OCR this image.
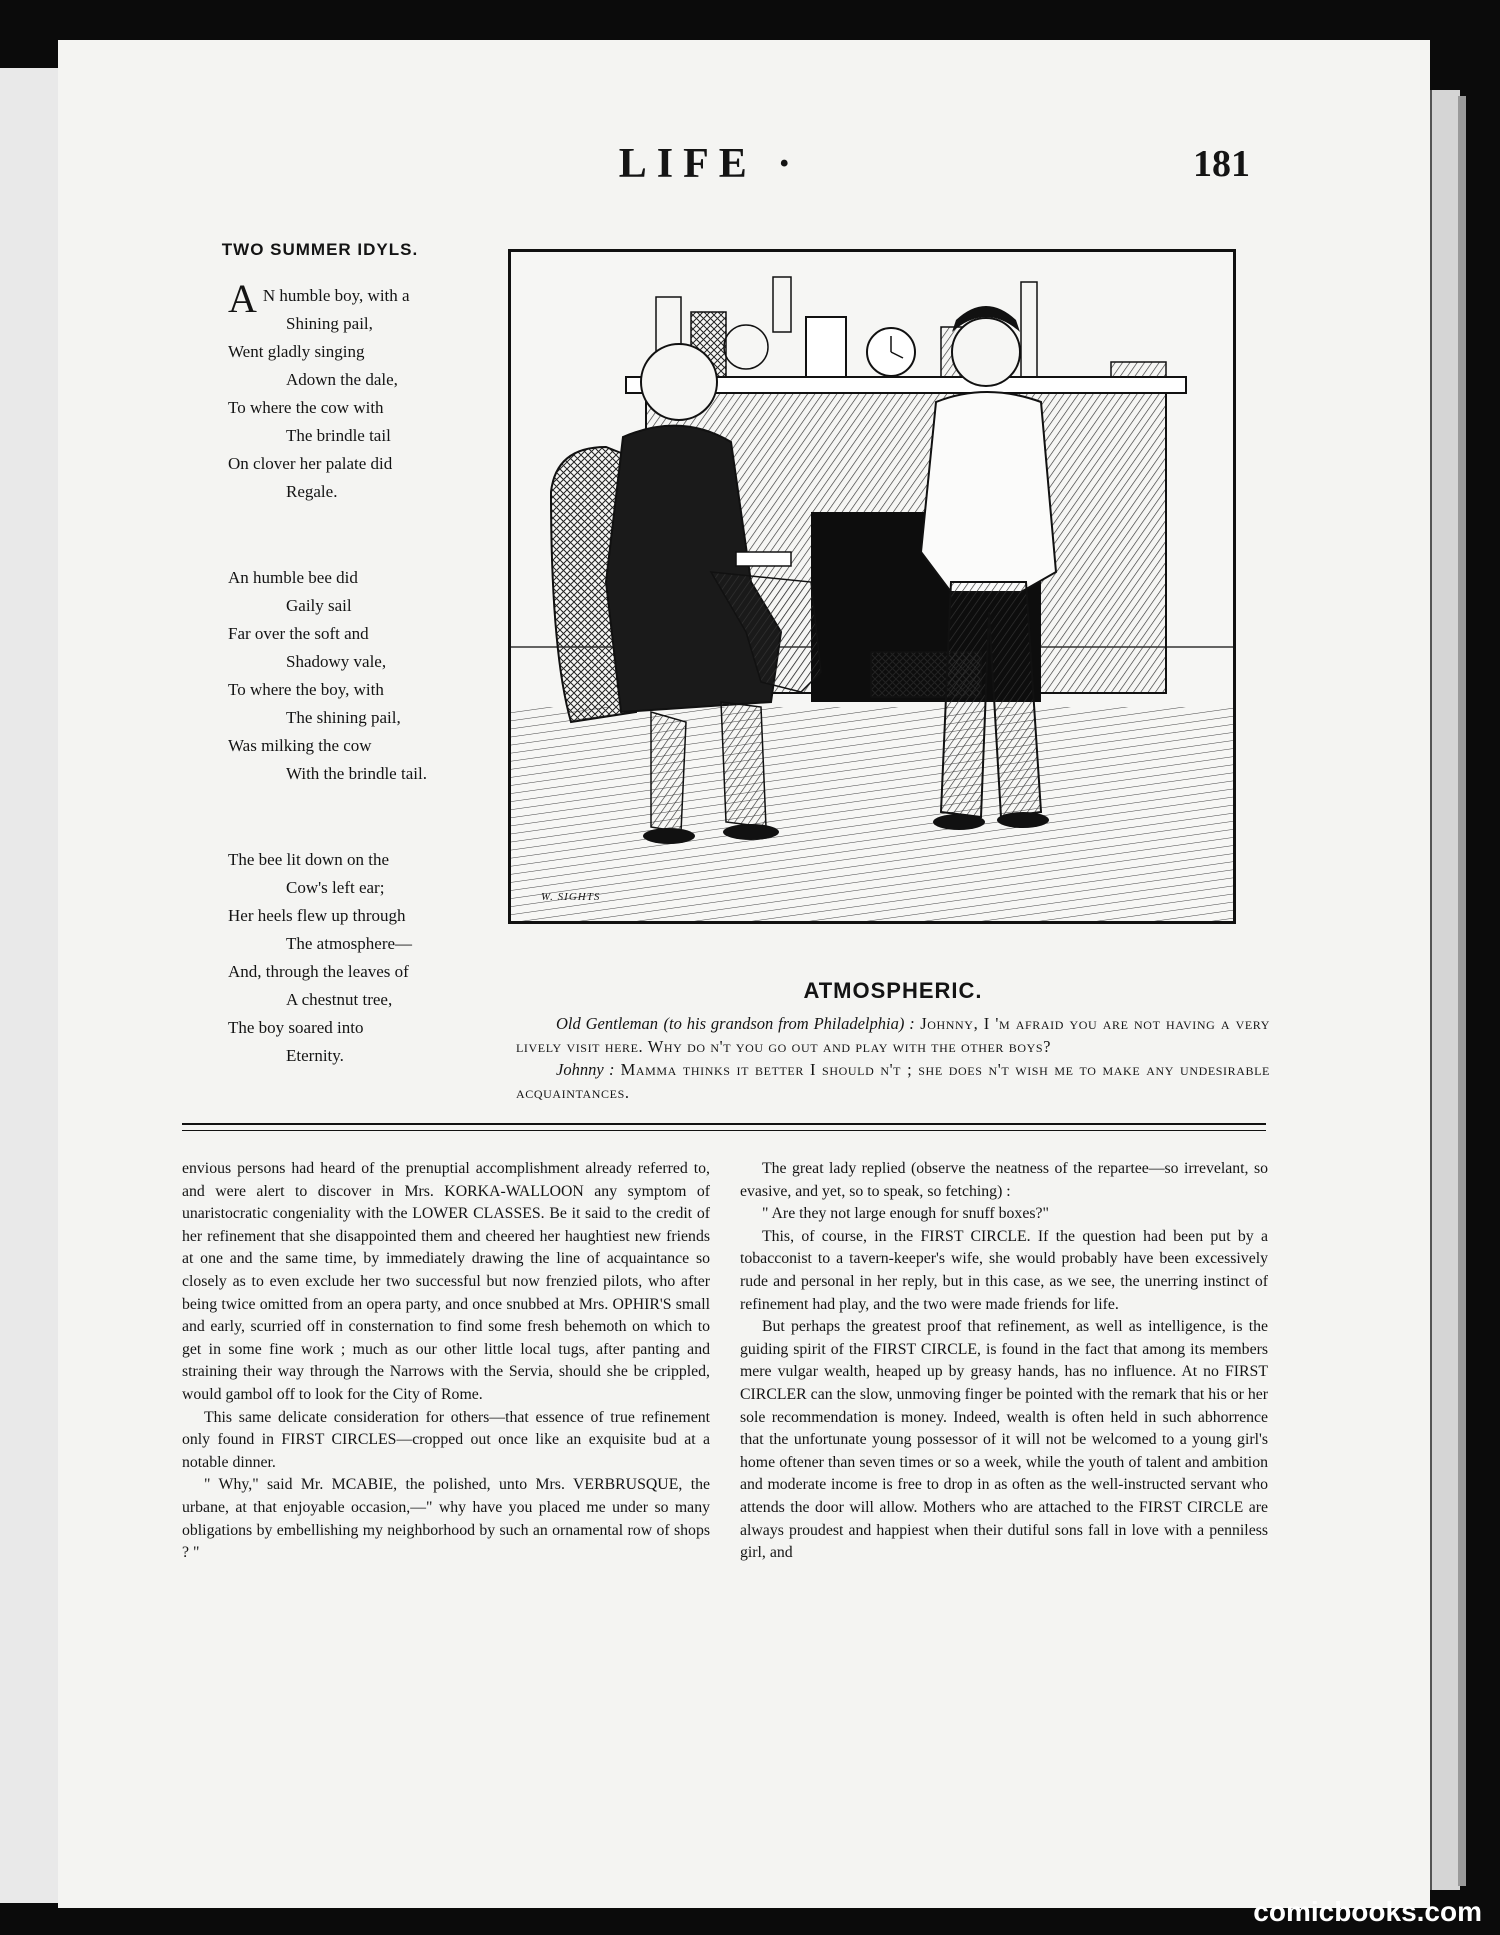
LIFE ·	181
TWO SUMMER IDYLS.
A N humble boy, with a
Shining pail,
Went gladly singing
Adown the dale,
To where the cow with
The brindle tail
On clover her palate did
Regale.
An humble bee did
Gaily sail
Far over the soft and
Shadowy vale,
To where the boy, with
The shining pail,
Was milking the cow
With the brindle tail.
The bee lit down on the
Cow's left ear;
Her heels flew up through
The atmosphere—
And, through the leaves of
A chestnut tree,
The boy soared into
Eternity.
W. SIGHTS
ATMOSPHERIC.

Old Gentleman (to his grandson from Philadelphia) : Johnny, I 'm afraid you are not having a very lively visit here. Why do n't you go out and play with the other boys?

Johnny : Mamma thinks it better I should n't ; she does n't wish me to make any undesirable acquaintances.

envious persons had heard of the prenuptial accomplishment already referred to, and were alert to discover in Mrs. KORKA-WALLOON any symptom of unaristocratic congeniality with the LOWER CLASSES. Be it said to the credit of her refinement that she disappointed them and cheered her haughtiest new friends at one and the same time, by immediately drawing the line of acquaintance so closely as to even exclude her two successful but now frenzied pilots, who after being twice omitted from an opera party, and once snubbed at Mrs. OPHIR'S small and early, scurried off in consternation to find some fresh behemoth on which to get in some fine work ; much as our other little local tugs, after panting and straining their way through the Narrows with the Servia, should she be crippled, would gambol off to look for the City of Rome.

This same delicate consideration for others—that essence of true refinement only found in FIRST CIRCLES—cropped out once like an exquisite bud at a notable dinner.

" Why," said Mr. MCABIE, the polished, unto Mrs. VERBRUSQUE, the urbane, at that enjoyable occasion,—" why have you placed me under so many obligations by embellishing my neighborhood by such an ornamental row of shops ? "

The great lady replied (observe the neatness of the repartee—so irrevelant, so evasive, and yet, so to speak, so fetching) :

" Are they not large enough for snuff boxes?"

This, of course, in the FIRST CIRCLE. If the question had been put by a tobacconist to a tavern-keeper's wife, she would probably have been excessively rude and personal in her reply, but in this case, as we see, the unerring instinct of refinement had play, and the two were made friends for life.

But perhaps the greatest proof that refinement, as well as intelligence, is the guiding spirit of the FIRST CIRCLE, is found in the fact that among its members mere vulgar wealth, heaped up by greasy hands, has no influence. At no FIRST CIRCLER can the slow, unmoving finger be pointed with the remark that his or her sole recommendation is money. Indeed, wealth is often held in such abhorrence that the unfortunate young possessor of it will not be welcomed to a young girl's home oftener than seven times or so a week, while the youth of talent and ambition and moderate income is free to drop in as often as the well-instructed servant who attends the door will allow. Mothers who are attached to the FIRST CIRCLE are always proudest and happiest when their dutiful sons fall in love with a penniless girl, and

comicbooks.com
